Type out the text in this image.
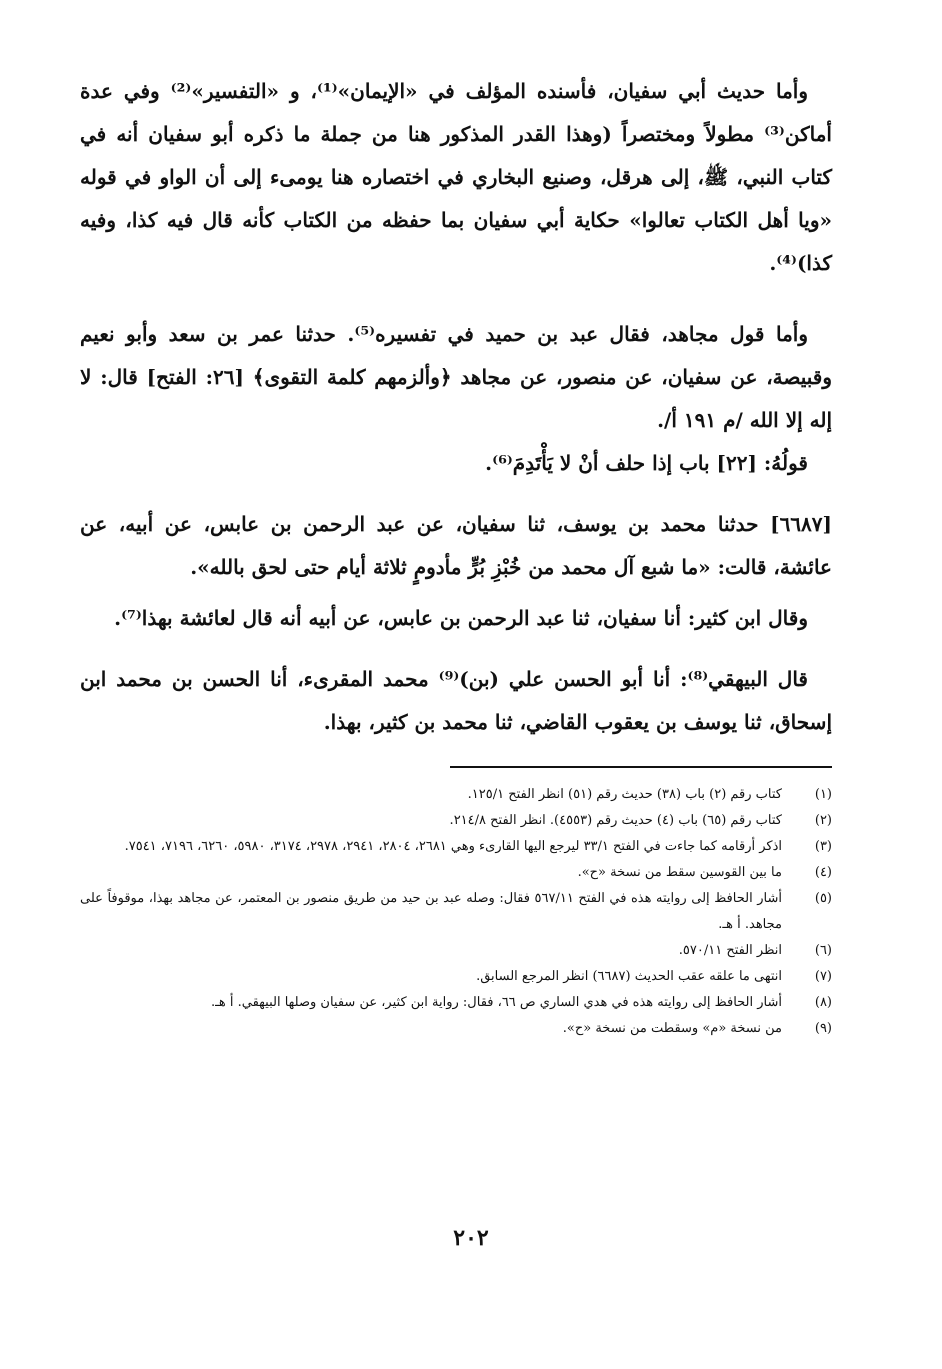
وأما حديث أبي سفيان، فأسنده المؤلف في «الإيمان»⁽¹⁾، و «التفسير»⁽²⁾ وفي عدة أماكن⁽³⁾ مطولاً ومختصراً (وهذا القدر المذكور هنا من جملة ما ذكره أبو سفيان أنه في كتاب النبي، ﷺ، إلى هرقل، وصنيع البخاري في اختصاره هنا يومىء إلى أن الواو في قوله «ويا أهل الكتاب تعالوا» حكاية أبي سفيان بما حفظه من الكتاب كأنه قال فيه كذا، وفيه كذا)⁽⁴⁾.

وأما قول مجاهد، فقال عبد بن حميد في تفسيره⁽⁵⁾. حدثنا عمر بن سعد وأبو نعيم وقبيصة، عن سفيان، عن منصور، عن مجاهد ﴿وألزمهم كلمة التقوى﴾ [٢٦: الفتح] قال: لا إله إلا الله /م ١٩١ أ/.

قولُهُ: [٢٢] باب إذا حلف أنْ لا يَأْتَدِمَ⁽⁶⁾.

[٦٦٨٧] حدثنا محمد بن يوسف، ثنا سفيان، عن عبد الرحمن بن عابس، عن أبيه، عن عائشة، قالت: «ما شبع آل محمد من خُبْزِ بُرٍّ مأدومٍ ثلاثة أيام حتى لحق بالله».

وقال ابن كثير: أنا سفيان، ثنا عبد الرحمن بن عابس، عن أبيه أنه قال لعائشة بهذا⁽⁷⁾.

قال البيهقي⁽⁸⁾: أنا أبو الحسن علي (بن)⁽⁹⁾ محمد المقرىء، أنا الحسن بن محمد ابن إسحاق، ثنا يوسف بن يعقوب القاضي، ثنا محمد بن كثير، بهذا.

(١)
كتاب رقم (٢) باب (٣٨) حديث رقم (٥١) انظر الفتح ١٢٥/١.
(٢)
كتاب رقم (٦٥) باب (٤) حديث رقم (٤٥٥٣). انظر الفتح ٢١٤/٨.
(٣)
اذكر أرقامه كما جاءت في الفتح ٣٣/١ ليرجع اليها القارىء وهي ٢٦٨١، ٢٨٠٤، ٢٩٤١، ٢٩٧٨، ٣١٧٤، ٥٩٨٠، ٦٢٦٠، ٧١٩٦، ٧٥٤١.
(٤)
ما بين القوسين سقط من نسخة «ح».
(٥)
أشار الحافظ إلى روايته هذه في الفتح ٥٦٧/١١ فقال: وصله عبد بن حيد من طريق منصور بن المعتمر، عن مجاهد بهذا، موقوفاً على مجاهد. أ هـ.
(٦)
انظر الفتح ٥٧٠/١١.
(٧)
انتهى ما علقه عقب الحديث (٦٦٨٧) انظر المرجع السابق.
(٨)
أشار الحافظ إلى روايته هذه في هدي الساري ص ٦٦، فقال: رواية ابن كثير، عن سفيان وصلها البيهقي. أ هـ.
(٩)
من نسخة «م» وسقطت من نسخة «ح».
٢٠٢
